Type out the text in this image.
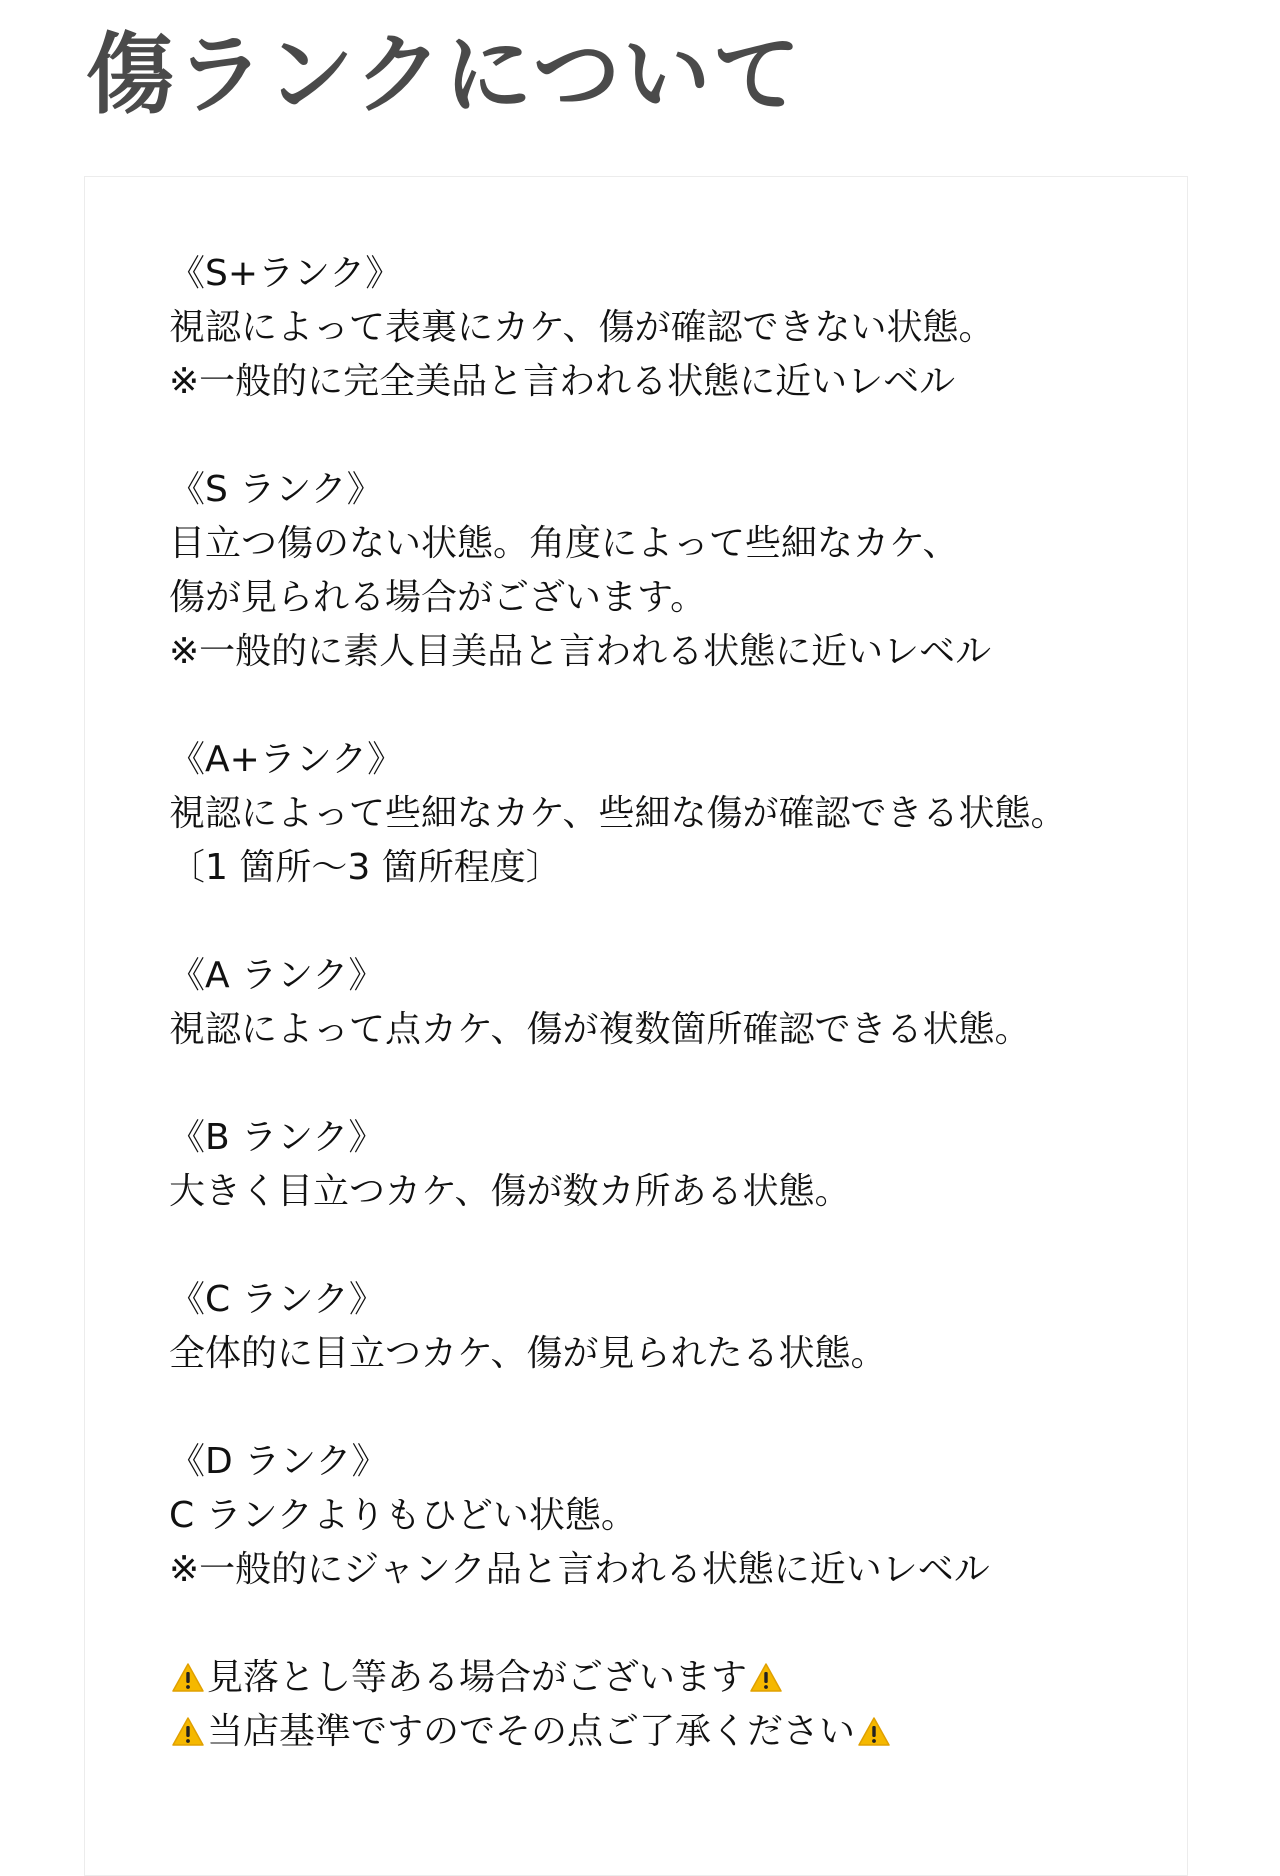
傷ランクについて
《S+ランク》
視認によって表裏にカケ、傷が確認できない状態。
※一般的に完全美品と言われる状態に近いレベル
《S ランク》
目立つ傷のない状態。角度によって些細なカケ、
傷が見られる場合がございます。
※一般的に素人目美品と言われる状態に近いレベル
《A+ランク》
視認によって些細なカケ、些細な傷が確認できる状態。
〔1 箇所〜3 箇所程度〕
《A ランク》
視認によって点カケ、傷が複数箇所確認できる状態。
《B ランク》
大きく目立つカケ、傷が数カ所ある状態。
《C ランク》
全体的に目立つカケ、傷が見られたる状態。
《D ランク》
C ランクよりもひどい状態。
※一般的にジャンク品と言われる状態に近いレベル
見落とし等ある場合がございます
当店基準ですのでその点ご了承ください
